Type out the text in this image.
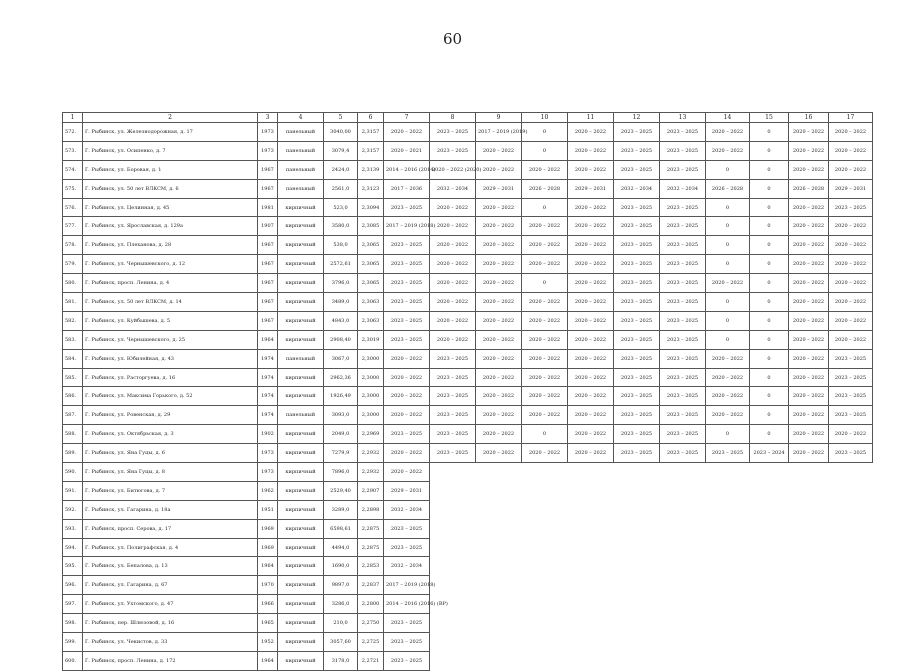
60
1	2	3	4	5	6	7	8	9	10	11	12	13	14	15	16	17
572.	Г. Рыбинск, ул. Железнодорожная, д. 17	1973	панельный	3040,00	2,3157	2020 – 2022	2023 – 2025	2017 – 2019 (2019)	0	2020 – 2022	2023 – 2025	2023 – 2025	2020 – 2022	0	2020 – 2022	2020 – 2022
573.	Г. Рыбинск, ул. Осипенко, д. 7	1973	панельный	3079,4	2,3157	2020 – 2021	2023 – 2025	2020 – 2022	0	2020 – 2022	2023 – 2025	2023 – 2025	2020 – 2022	0	2020 – 2022	2020 – 2022
574.	Г. Рыбинск, ул. Боровая, д. 1	1967	панельный	2424,0	2,3139	2014 – 2016 (2014)	2020 – 2022 (2020)	2020 – 2022	2020 – 2022	2020 – 2022	2023 – 2025	2023 – 2025	0	0	2020 – 2022	2020 – 2022
575.	Г. Рыбинск, ул. 50 лет ВЛКСМ, д. 6	1967	панельный	2561,0	2,3123	2017 – 2036	2032 – 2034	2029 – 2031	2026 – 2028	2029 – 2031	2032 – 2034	2032 – 2034	2026 – 2028	0	2026 – 2028	2029 – 2031
576.	Г. Рыбинск, ул. Целинная, д. 45	1981	кирпичный	523,0	2,3094	2023 – 2025	2020 – 2022	2020 – 2022	0	2020 – 2022	2023 – 2025	2023 – 2025	0	0	2020 – 2022	2023 – 2025
577.	Г. Рыбинск, ул. Ярославская, д. 129а	1907	кирпичный	3580,0	2,3085	2017 – 2019 (2018)	2020 – 2022	2020 – 2022	2020 – 2022	2020 – 2022	2023 – 2025	2023 – 2025	0	0	2020 – 2022	2020 – 2022
578.	Г. Рыбинск, ул. Плеханова, д. 28	1967	кирпичный	538,0	2,3065	2023 – 2025	2020 – 2022	2020 – 2022	2020 – 2022	2020 – 2022	2023 – 2025	2023 – 2025	0	0	2020 – 2022	2020 – 2022
579.	Г. Рыбинск, ул. Чернышевского, д. 12	1967	кирпичный	2572,61	2,3065	2023 – 2025	2020 – 2022	2020 – 2022	2020 – 2022	2020 – 2022	2023 – 2025	2023 – 2025	0	0	2020 – 2022	2020 – 2022
580.	Г. Рыбинск, просп. Ленина, д. 4	1967	кирпичный	3796,0	2,3065	2023 – 2025	2020 – 2022	2020 – 2022	0	2020 – 2022	2023 – 2025	2023 – 2025	2020 – 2022	0	2020 – 2022	2020 – 2022
581.	Г. Рыбинск, ул. 50 лет ВЛКСМ, д. 14	1967	кирпичный	3489,0	2,3063	2023 – 2025	2020 – 2022	2020 – 2022	2020 – 2022	2020 – 2022	2023 – 2025	2023 – 2025	0	0	2020 – 2022	2020 – 2022
582.	Г. Рыбинск, ул. Куйбышева, д. 5	1967	кирпичный	4843,0	2,3063	2023 – 2025	2020 – 2022	2020 – 2022	2020 – 2022	2020 – 2022	2023 – 2025	2023 – 2025	0	0	2020 – 2022	2020 – 2022
583.	Г. Рыбинск, ул. Чернышевского, д. 25	1964	кирпичный	2908,40	2,3019	2023 – 2025	2020 – 2022	2020 – 2022	2020 – 2022	2020 – 2022	2023 – 2025	2023 – 2025	0	0	2020 – 2022	2020 – 2022
584.	Г. Рыбинск, ул. Юбилейная, д. 43	1974	панельный	3067,0	2,3000	2020 – 2022	2023 – 2025	2020 – 2022	2020 – 2022	2020 – 2022	2023 – 2025	2023 – 2025	2020 – 2022	0	2020 – 2022	2023 – 2025
585.	Г. Рыбинск, ул. Расторгуева, д. 16	1974	кирпичный	2962,36	2,3000	2020 – 2022	2023 – 2025	2020 – 2022	2020 – 2022	2020 – 2022	2023 – 2025	2023 – 2025	2020 – 2022	0	2020 – 2022	2023 – 2025
586.	Г. Рыбинск, ул. Максима Горького, д. 52	1974	кирпичный	1926,49	2,3000	2020 – 2022	2023 – 2025	2020 – 2022	2020 – 2022	2020 – 2022	2023 – 2025	2023 – 2025	2020 – 2022	0	2020 – 2022	2023 – 2025
587.	Г. Рыбинск, ул. Ровенская, д. 29	1974	панельный	3093,0	2,3000	2020 – 2022	2023 – 2025	2020 – 2022	2020 – 2022	2020 – 2022	2023 – 2025	2023 – 2025	2020 – 2022	0	2020 – 2022	2023 – 2025
588.	Г. Рыбинск, ул. Октябрьская, д. 3	1902	кирпичный	2049,0	2,2969	2023 – 2025	2023 – 2025	2020 – 2022	0	2020 – 2022	2023 – 2025	2023 – 2025	0	0	2020 – 2022	2020 – 2022
589.	Г. Рыбинск, ул. Яна Гуцы, д. 6	1973	кирпичный	7279,9	2,2932	2020 – 2022	2023 – 2025	2020 – 2022	2020 – 2022	2020 – 2022	2023 – 2025	2023 – 2025	2023 – 2025	2023 – 2024	2020 – 2022	2023 – 2025
590.	Г. Рыбинск, ул. Яна Гуцы, д. 8	1973	кирпичный	7896,0	2,2932	2020 – 2022										
591.	Г. Рыбинск, ул. Битюгова, д. 7	1962	кирпичный	2529,40	2,2907	2029 – 2031										
592.	Г. Рыбинск, ул. Гагарина, д. 18а	1951	кирпичный	3289,0	2,2898	2032 – 2034										
593.	Г. Рыбинск, просп. Серова, д. 17	1969	кирпичный	6598,61	2,2875	2023 – 2025										
594.	Г. Рыбинск, ул. Полиграфская, д. 4	1969	кирпичный	4494,0	2,2875	2023 – 2025										
595.	Г. Рыбинск, ул. Бепалова, д. 13	1964	кирпичный	1690,0	2,2853	2032 – 2034										
596.	Г. Рыбинск, ул. Гагарина, д. 67	1970	кирпичный	9897,0	2,2837	2017 – 2019 (2018)										
597.	Г. Рыбинск, ул. Ухтомского, д. 47	1966	кирпичный	3286,0	2,2800	2014 – 2016 (2016) (ВР)										
598.	Г. Рыбинск, пер. Шлюзовой, д. 16	1965	кирпичный	210,0	2,2750	2023 – 2025										
599.	Г. Рыбинск, ул. Чекистов, д. 33	1952	кирпичный	3057,60	2,2725	2023 – 2025										
600.	Г. Рыбинск, просп. Ленина, д. 172	1964	кирпичный	3178,0	2,2721	2023 – 2025										
